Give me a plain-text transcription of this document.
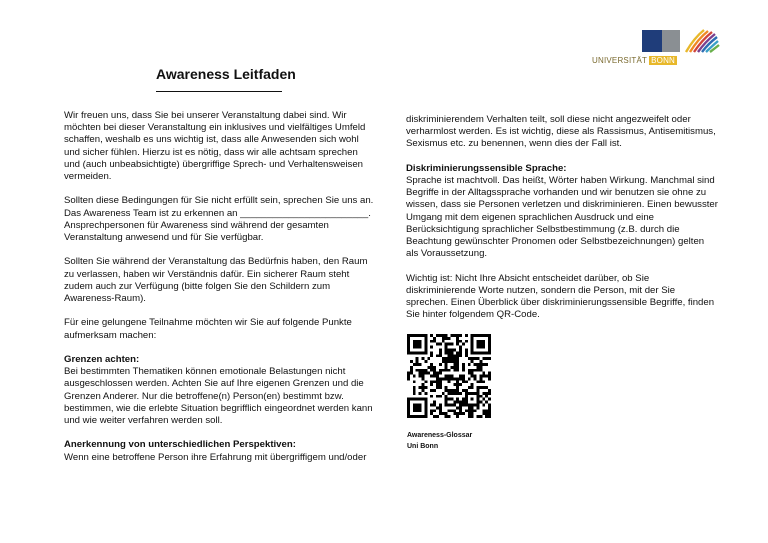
UNIVERSITÄT BONN
Awareness Leitfaden

Wir freuen uns, dass Sie bei unserer Veranstaltung dabei sind. Wir möchten bei dieser Veranstaltung ein inklusives und vielfältiges Umfeld schaffen, weshalb es uns wichtig ist, dass alle Anwesenden sich wohl und sicher fühlen. Hierzu ist es nötig, dass wir alle achtsam sprechen und (auch unbeabsichtigte) übergriffige Sprech- und Verhaltensweisen vermeiden.

Sollten diese Bedingungen für Sie nicht erfüllt sein, sprechen Sie uns an. Das Awareness Team ist zu erkennen an ________________________. Ansprechpersonen für Awareness sind während der gesamten Veranstaltung anwesend und für Sie verfügbar.

Sollten Sie während der Veranstaltung das Bedürfnis haben, den Raum zu verlassen, haben wir Verständnis dafür. Ein sicherer Raum steht zudem auch zur Verfügung (bitte folgen Sie den Schildern zum Awareness-Raum).

Für eine gelungene Teilnahme möchten wir Sie auf folgende Punkte aufmerksam machen:

Grenzen achten:
Bei bestimmten Thematiken können emotionale Belastungen nicht ausgeschlossen werden. Achten Sie auf Ihre eigenen Grenzen und die Grenzen Anderer. Nur die betroffene(n) Person(en) bestimmt bzw. bestimmen, wie die erlebte Situation begrifflich eingeordnet werden kann und wie weiter verfahren werden soll.

Anerkennung von unterschiedlichen Perspektiven:
Wenn eine betroffene Person ihre Erfahrung mit übergriffigem und/oder

diskriminierendem Verhalten teilt, soll diese nicht angezweifelt oder verharmlost werden. Es ist wichtig, diese als Rassismus, Antisemitismus, Sexismus etc. zu benennen, wenn dies der Fall ist.

Diskriminierungssensible Sprache:
Sprache ist machtvoll. Das heißt, Wörter haben Wirkung. Manchmal sind Begriffe in der Alltagssprache vorhanden und wir benutzen sie ohne zu wissen, dass sie Personen verletzen und diskriminieren. Einen bewusster Umgang mit dem eigenen sprachlichen Ausdruck und eine Berücksichtigung sprachlicher Selbstbestimmung (z.B. durch die Beachtung gewünschter Pronomen oder Selbstbezeichnungen) gelten als Voraussetzung.

Wichtig ist: Nicht Ihre Absicht entscheidet darüber, ob Sie diskriminierende Worte nutzen, sondern die Person, mit der Sie sprechen. Einen Überblick über diskriminierungssensible Begriffe, finden Sie hinter folgendem QR-Code.

Awareness-Glossar
Uni Bonn
